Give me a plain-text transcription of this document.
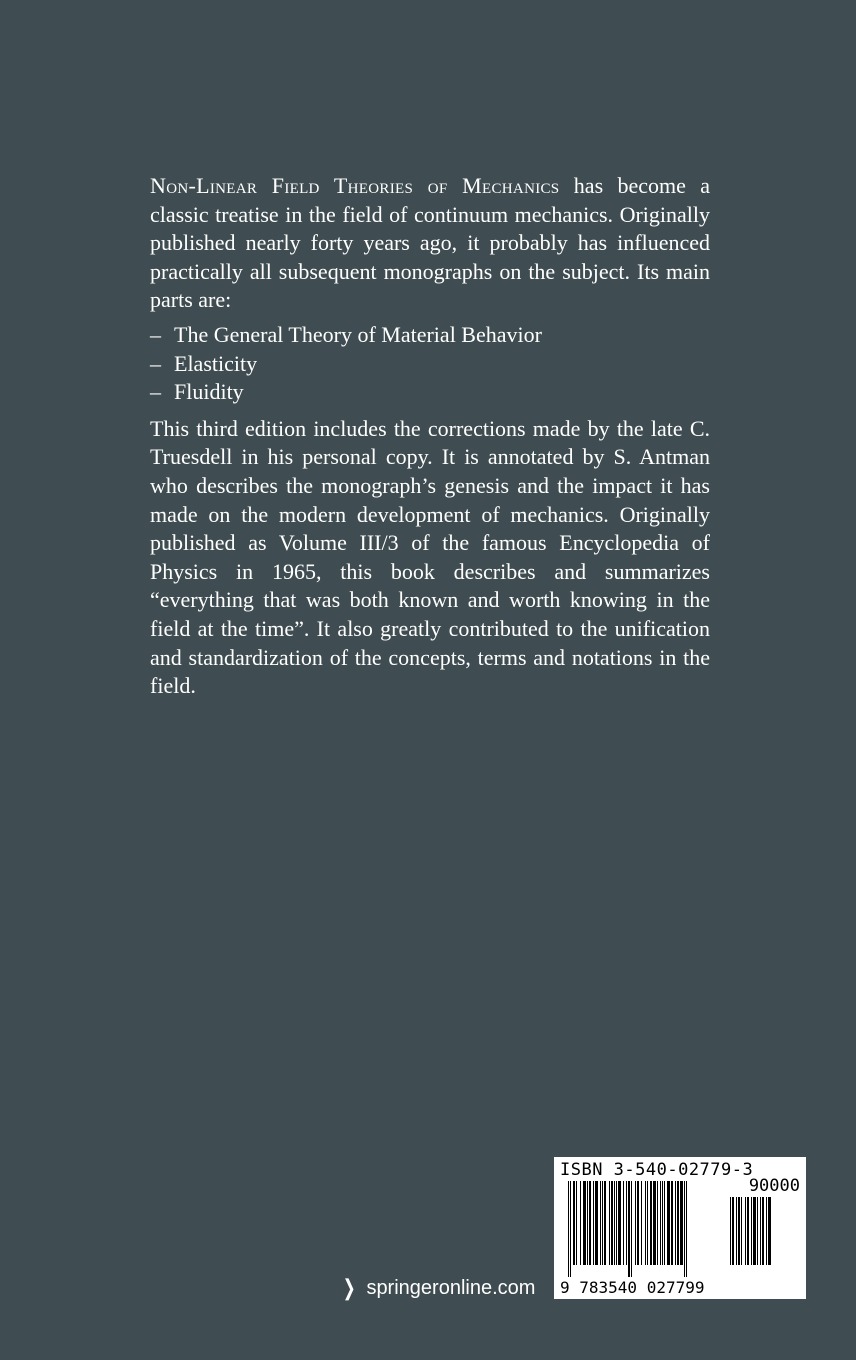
Non-Linear Field Theories of Mechanics has become a classic treatise in the field of continuum mechanics. Originally published nearly forty years ago, it probably has influenced practically all subsequent monographs on the subject. Its main parts are:

– The General Theory of Material Behavior
– Elasticity
– Fluidity

This third edition includes the corrections made by the late C. Truesdell in his personal copy. It is annotated by S. Antman who describes the monograph’s genesis and the impact it has made on the modern development of mechanics. Originally published as Volume III/3 of the famous Encyclopedia of Physics in 1965, this book describes and summarizes “everything that was both known and worth knowing in the field at the time”. It also greatly contributed to the unification and standardization of the concepts, terms and notations in the field.

❯ springeronline.com
ISBN 3-540-02779-3
90000
9 783540 027799
